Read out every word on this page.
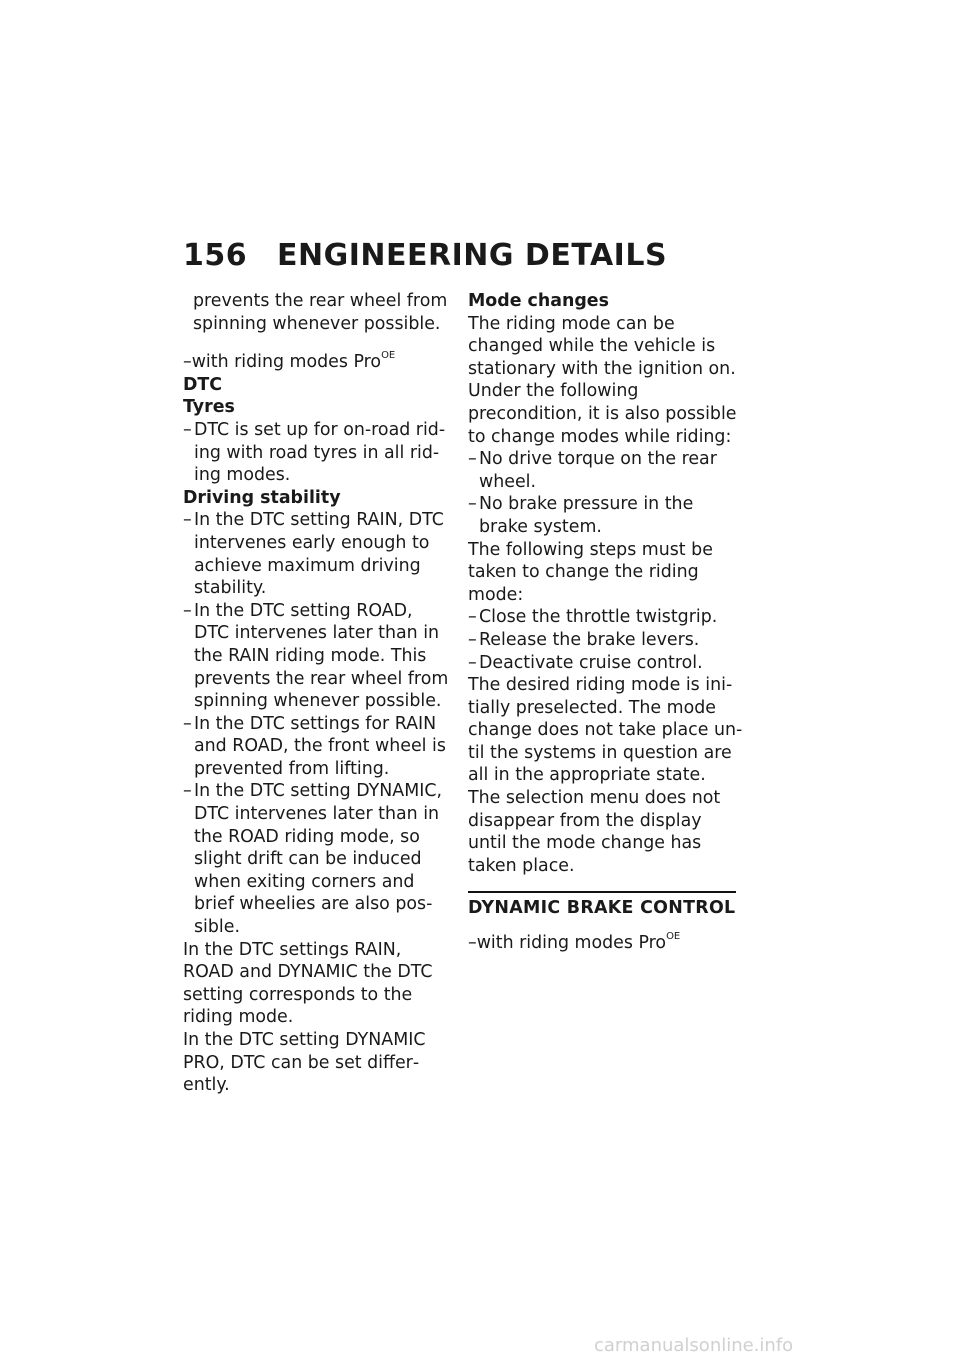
156 ENGINEERING DETAILS

prevents the rear wheel from spinning whenever possible.

–with riding modes Pro$^{OE}$

DTC

Tyres

– DTC is set up for on-road riding with road tyres in all riding modes.

Driving stability

– In the DTC setting RAIN, DTC intervenes early enough to achieve maximum driving stability.

– In the DTC setting ROAD, DTC intervenes later than in the RAIN riding mode. This prevents the rear wheel from spinning whenever possible.

– In the DTC settings for RAIN and ROAD, the front wheel is prevented from lifting.

– In the DTC setting DYNAMIC, DTC intervenes later than in the ROAD riding mode, so slight drift can be induced when exiting corners and brief wheelies are also possible.

In the DTC settings RAIN, ROAD and DYNAMIC the DTC setting corresponds to the riding mode.

In the DTC setting DYNAMIC PRO, DTC can be set differently.

Mode changes

The riding mode can be changed while the vehicle is stationary with the ignition on. Under the following precondition, it is also possible to change modes while riding:

– No drive torque on the rear wheel.

– No brake pressure in the brake system.

The following steps must be taken to change the riding mode:

– Close the throttle twistgrip.

– Release the brake levers.

– Deactivate cruise control.

The desired riding mode is initially preselected. The mode change does not take place until the systems in question are all in the appropriate state.

The selection menu does not disappear from the display until the mode change has taken place.

DYNAMIC BRAKE CONTROL

–with riding modes Pro$^{OE}$

carmanualsonline.info
